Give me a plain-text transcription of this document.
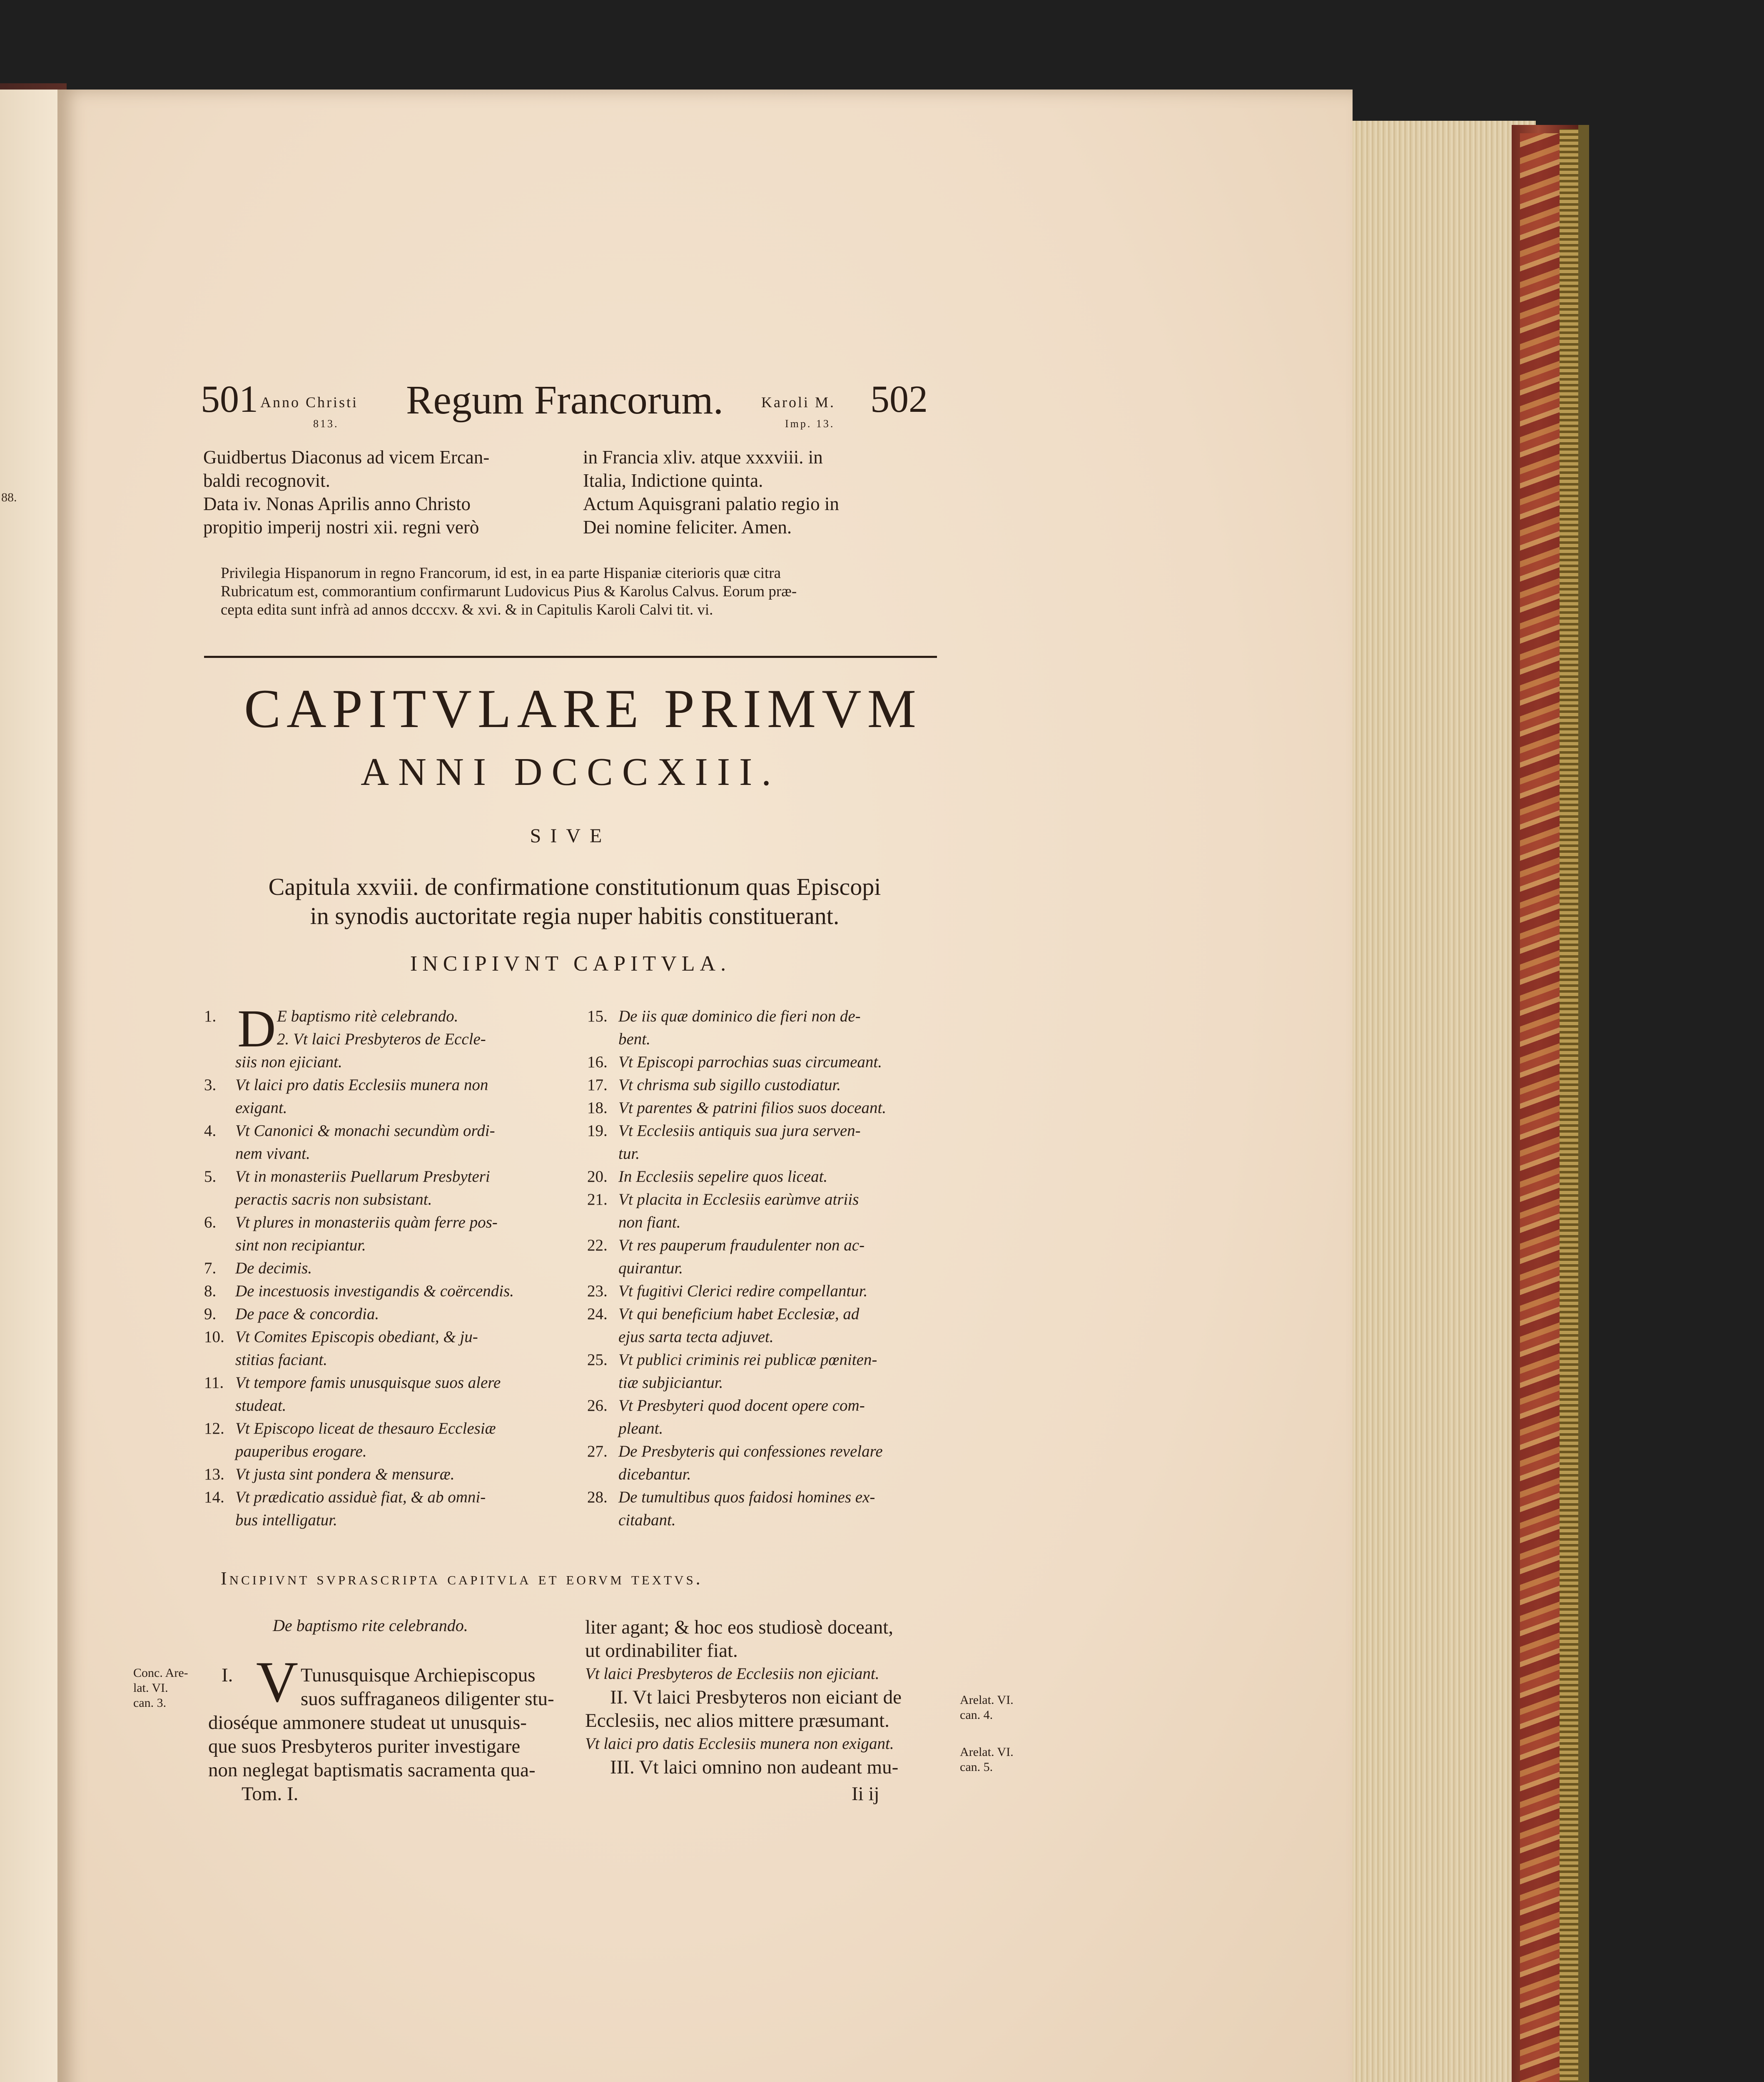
88.
501 Anno Christi
813.
Regum Francorum.	Karoli M.
Imp. 13.
502
Guidbertus Diaconus ad vicem Ercan-
baldi recognovit.
Data iv. Nonas Aprilis anno Christo
propitio imperij nostri xii. regni verò
in Francia xliv. atque xxxviii. in
Italia, Indictione quinta.
Actum Aquisgrani palatio regio in
Dei nomine feliciter. Amen.
Privilegia Hispanorum in regno Francorum, id est, in ea parte Hispaniæ citerioris quæ citra
Rubricatum est, commorantium confirmarunt Ludovicus Pius & Karolus Calvus. Eorum præ-
cepta edita sunt infrà ad annos dcccxv. & xvi. & in Capitulis Karoli Calvi tit. vi.
CAPITVLARE PRIMVM
ANNI DCCCXIII.
SIVE
Capitula xxviii. de confirmatione constitutionum quas Episcopi
in synodis auctoritate regia nuper habitis constituerant.
INCIPIVNT CAPITVLA.
1.	E baptismo ritè celebrando.
2. Vt laici Presbyteros de Eccle-
siis non ejiciant.
3. Vt laici pro datis Ecclesiis munera non
exigant.
4. Vt Canonici & monachi secundùm ordi-
nem vivant.
5. Vt in monasteriis Puellarum Presbyteri
peractis sacris non subsistant.
6. Vt plures in monasteriis quàm ferre pos-
sint non recipiantur.
7. De decimis.
8. De incestuosis investigandis & coërcendis.
9. De pace & concordia.
10. Vt Comites Episcopis obediant, & ju-
stitias faciant.
11. Vt tempore famis unusquisque suos alere
studeat.
12. Vt Episcopo liceat de thesauro Ecclesiæ
pauperibus erogare.
13. Vt justa sint pondera & mensuræ.
14. Vt prædicatio assiduè fiat, & ab omni-
bus intelligatur.
D	15. De iis quæ dominico die fieri non de-
bent.
16. Vt Episcopi parrochias suas circumeant.
17. Vt chrisma sub sigillo custodiatur.
18. Vt parentes & patrini filios suos doceant.
19. Vt Ecclesiis antiquis sua jura serven-
tur.
20. In Ecclesiis sepelire quos liceat.
21. Vt placita in Ecclesiis earùmve atriis
non fiant.
22. Vt res pauperum fraudulenter non ac-
quirantur.
23. Vt fugitivi Clerici redire compellantur.
24. Vt qui beneficium habet Ecclesiæ, ad
ejus sarta tecta adjuvet.
25. Vt publici criminis rei publicæ pœniten-
tiæ subjiciantur.
26. Vt Presbyteri quod docent opere com-
pleant.
27. De Presbyteris qui confessiones revelare
dicebantur.
28. De tumultibus quos faidosi homines ex-
citabant.
Incipivnt svprascripta capitvla et eorvm textvs.
De baptismo rite celebrando.
Conc. Are-
lat. VI.
can. 3.
I. V Tunusquisque Archiepiscopus
suos suffraganeos diligenter stu-
dioséque ammonere studeat ut unusquis-
que suos Presbyteros puriter investigare
non neglegat baptismatis sacramenta qua-
Tom. I.
liter agant; & hoc eos studiosè doceant,
ut ordinabiliter fiat.
Vt laici Presbyteros de Ecclesiis non ejiciant.
II. Vt laici Presbyteros non eiciant de
Ecclesiis, nec alios mittere præsumant.
Vt laici pro datis Ecclesiis munera non exigant.
III. Vt laici omnino non audeant mu-
Ii ij
Arelat. VI.
can. 4.
Arelat. VI.
can. 5.
